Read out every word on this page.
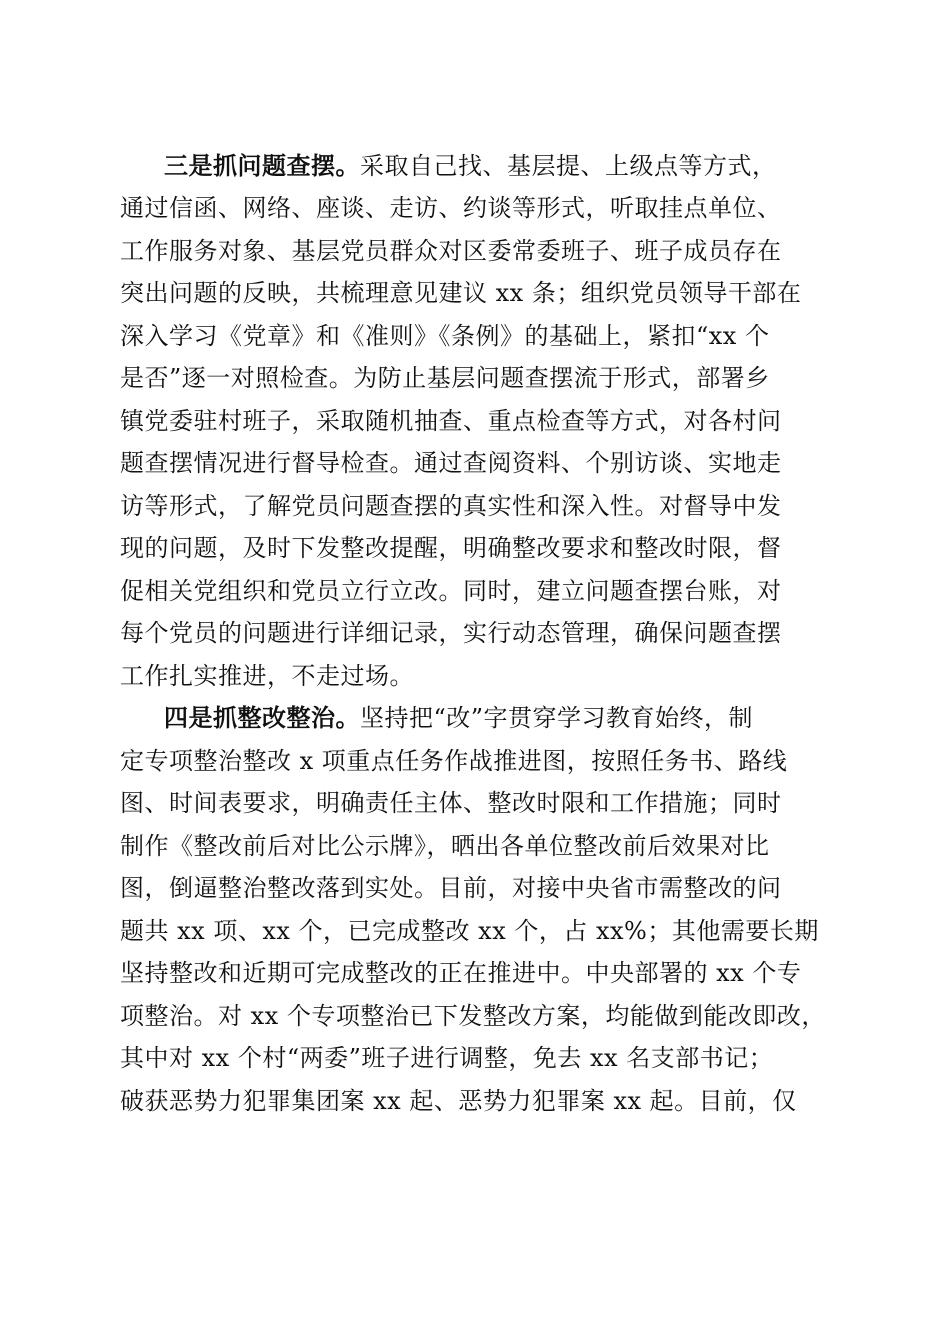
三是抓问题查摆。采取自己找、基层提、上级点等方式，
通过信函、网络、座谈、走访、约谈等形式，听取挂点单位、
工作服务对象、基层党员群众对区委常委班子、班子成员存在
突出问题的反映，共梳理意见建议 xx 条；组织党员领导干部在
深入学习《党章》和《准则》《条例》的基础上，紧扣“xx 个
是否”逐一对照检查。为防止基层问题查摆流于形式，部署乡
镇党委驻村班子，采取随机抽查、重点检查等方式，对各村问
题查摆情况进行督导检查。通过查阅资料、个别访谈、实地走
访等形式，了解党员问题查摆的真实性和深入性。对督导中发
现的问题，及时下发整改提醒，明确整改要求和整改时限，督
促相关党组织和党员立行立改。同时，建立问题查摆台账，对
每个党员的问题进行详细记录，实行动态管理，确保问题查摆
工作扎实推进，不走过场。
四是抓整改整治。坚持把“改”字贯穿学习教育始终，制
定专项整治整改 x 项重点任务作战推进图，按照任务书、路线
图、时间表要求，明确责任主体、整改时限和工作措施；同时
制作《整改前后对比公示牌》，晒出各单位整改前后效果对比
图，倒逼整治整改落到实处。目前，对接中央省市需整改的问
题共 xx 项、xx 个，已完成整改 xx 个，占 xx%；其他需要长期
坚持整改和近期可完成整改的正在推进中。中央部署的 xx 个专
项整治。对 xx 个专项整治已下发整改方案，均能做到能改即改，
其中对 xx 个村“两委”班子进行调整，免去 xx 名支部书记；
破获恶势力犯罪集团案 xx 起、恶势力犯罪案 xx 起。目前，仅
